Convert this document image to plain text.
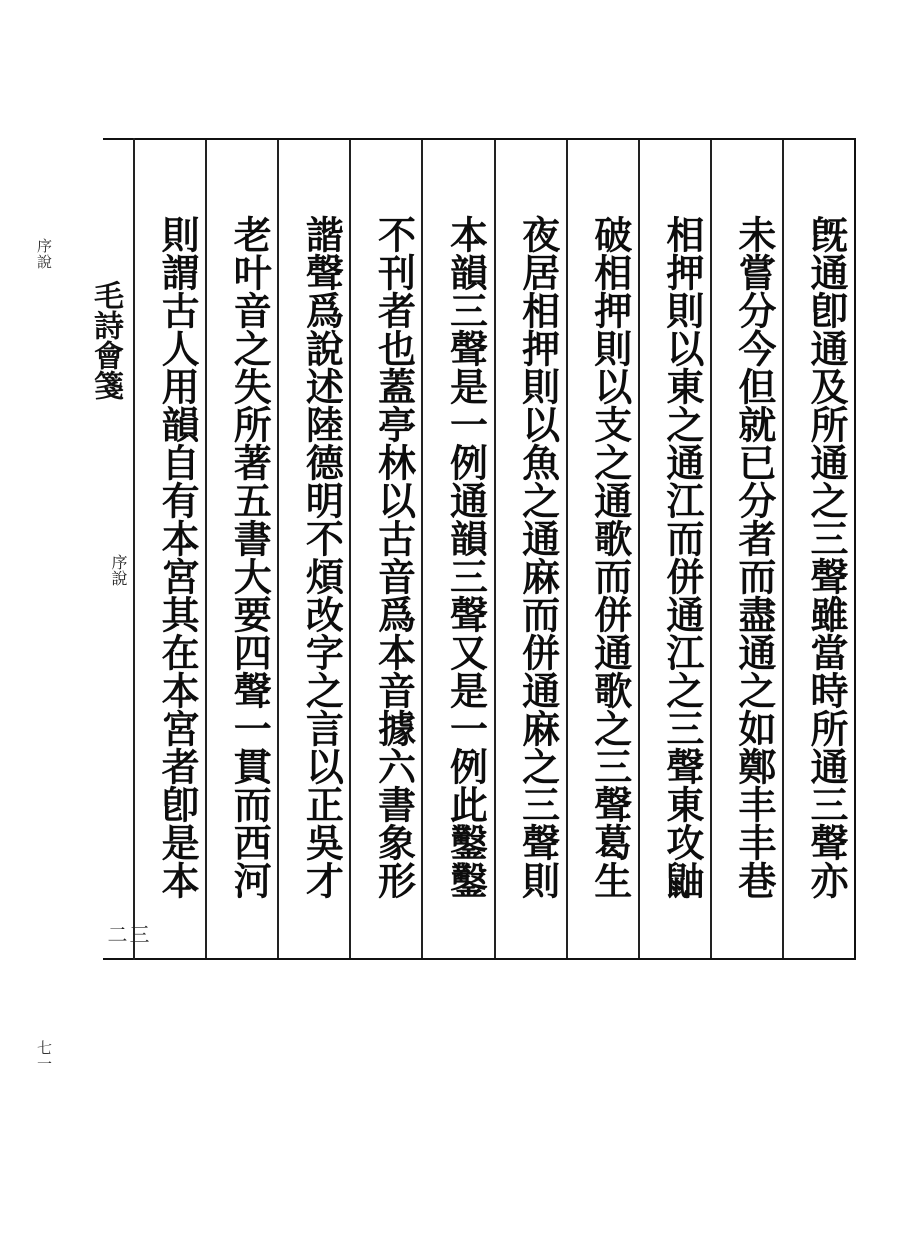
序說
七一
毛詩會箋
序說
三二
旣通卽通及所通之三聲雖當時所通三聲亦
未嘗分今但就已分者而盡通之如鄭丰丰巷
相押則以東之通江而併通江之三聲東攻鼬
破相押則以支之通歌而併通歌之三聲葛生
夜居相押則以魚之通麻而併通麻之三聲則
本韻三聲是一例通韻三聲又是一例此鑿鑿
不刊者也蓋亭林以古音爲本音據六書象形
諧聲爲說述陸德明不煩改字之言以正吳才
老叶音之失所著五書大要四聲一貫而西河
則謂古人用韻自有本宮其在本宮者卽是本
